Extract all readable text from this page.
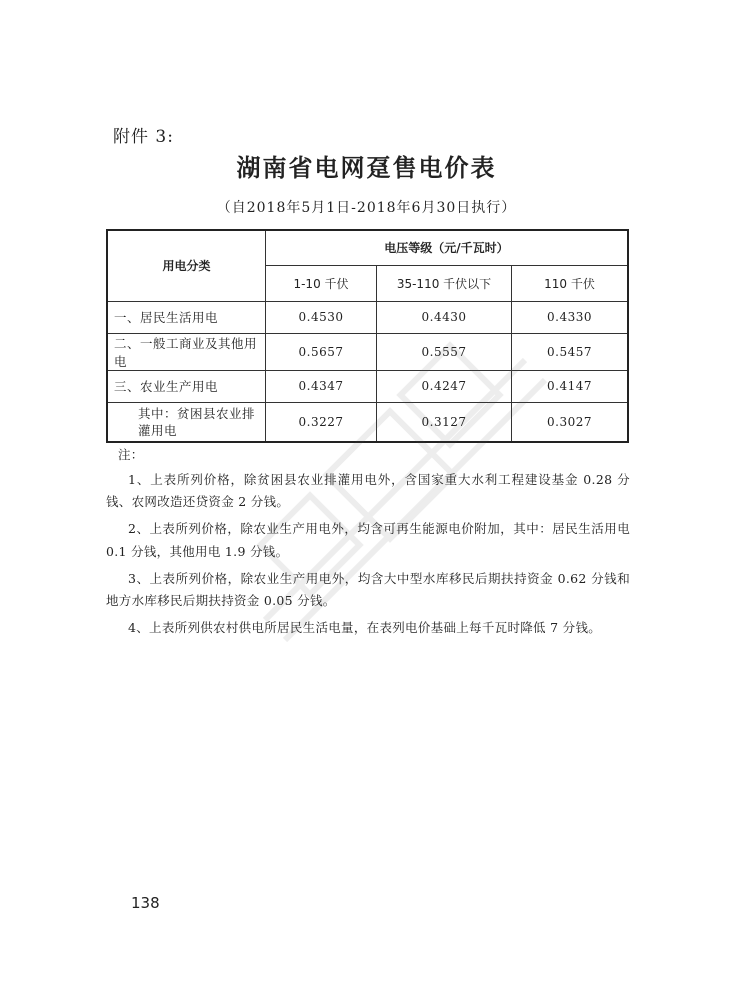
附件 3:
湖南省电网趸售电价表
（自2018年5月1日-2018年6月30日执行）
用电分类	电压等级（元/千瓦时）		
	1-10 千伏	35-110 千伏以下	110 千伏
一、居民生活用电	0.4530	0.4430	0.4330
二、一般工商业及其他用电	0.5657	0.5557	0.5457
三、农业生产用电	0.4347	0.4247	0.4147
其中：贫困县农业排灌用电	0.3227	0.3127	0.3027

注：

1、上表所列价格，除贫困县农业排灌用电外，含国家重大水利工程建设基金 0.28 分钱、农网改造还贷资金 2 分钱。

2、上表所列价格，除农业生产用电外，均含可再生能源电价附加，其中：居民生活用电 0.1 分钱，其他用电 1.9 分钱。

3、上表所列价格，除农业生产用电外，均含大中型水库移民后期扶持资金 0.62 分钱和地方水库移民后期扶持资金 0.05 分钱。

4、上表所列供农村供电所居民生活电量，在表列电价基础上每千瓦时降低 7 分钱。

138
